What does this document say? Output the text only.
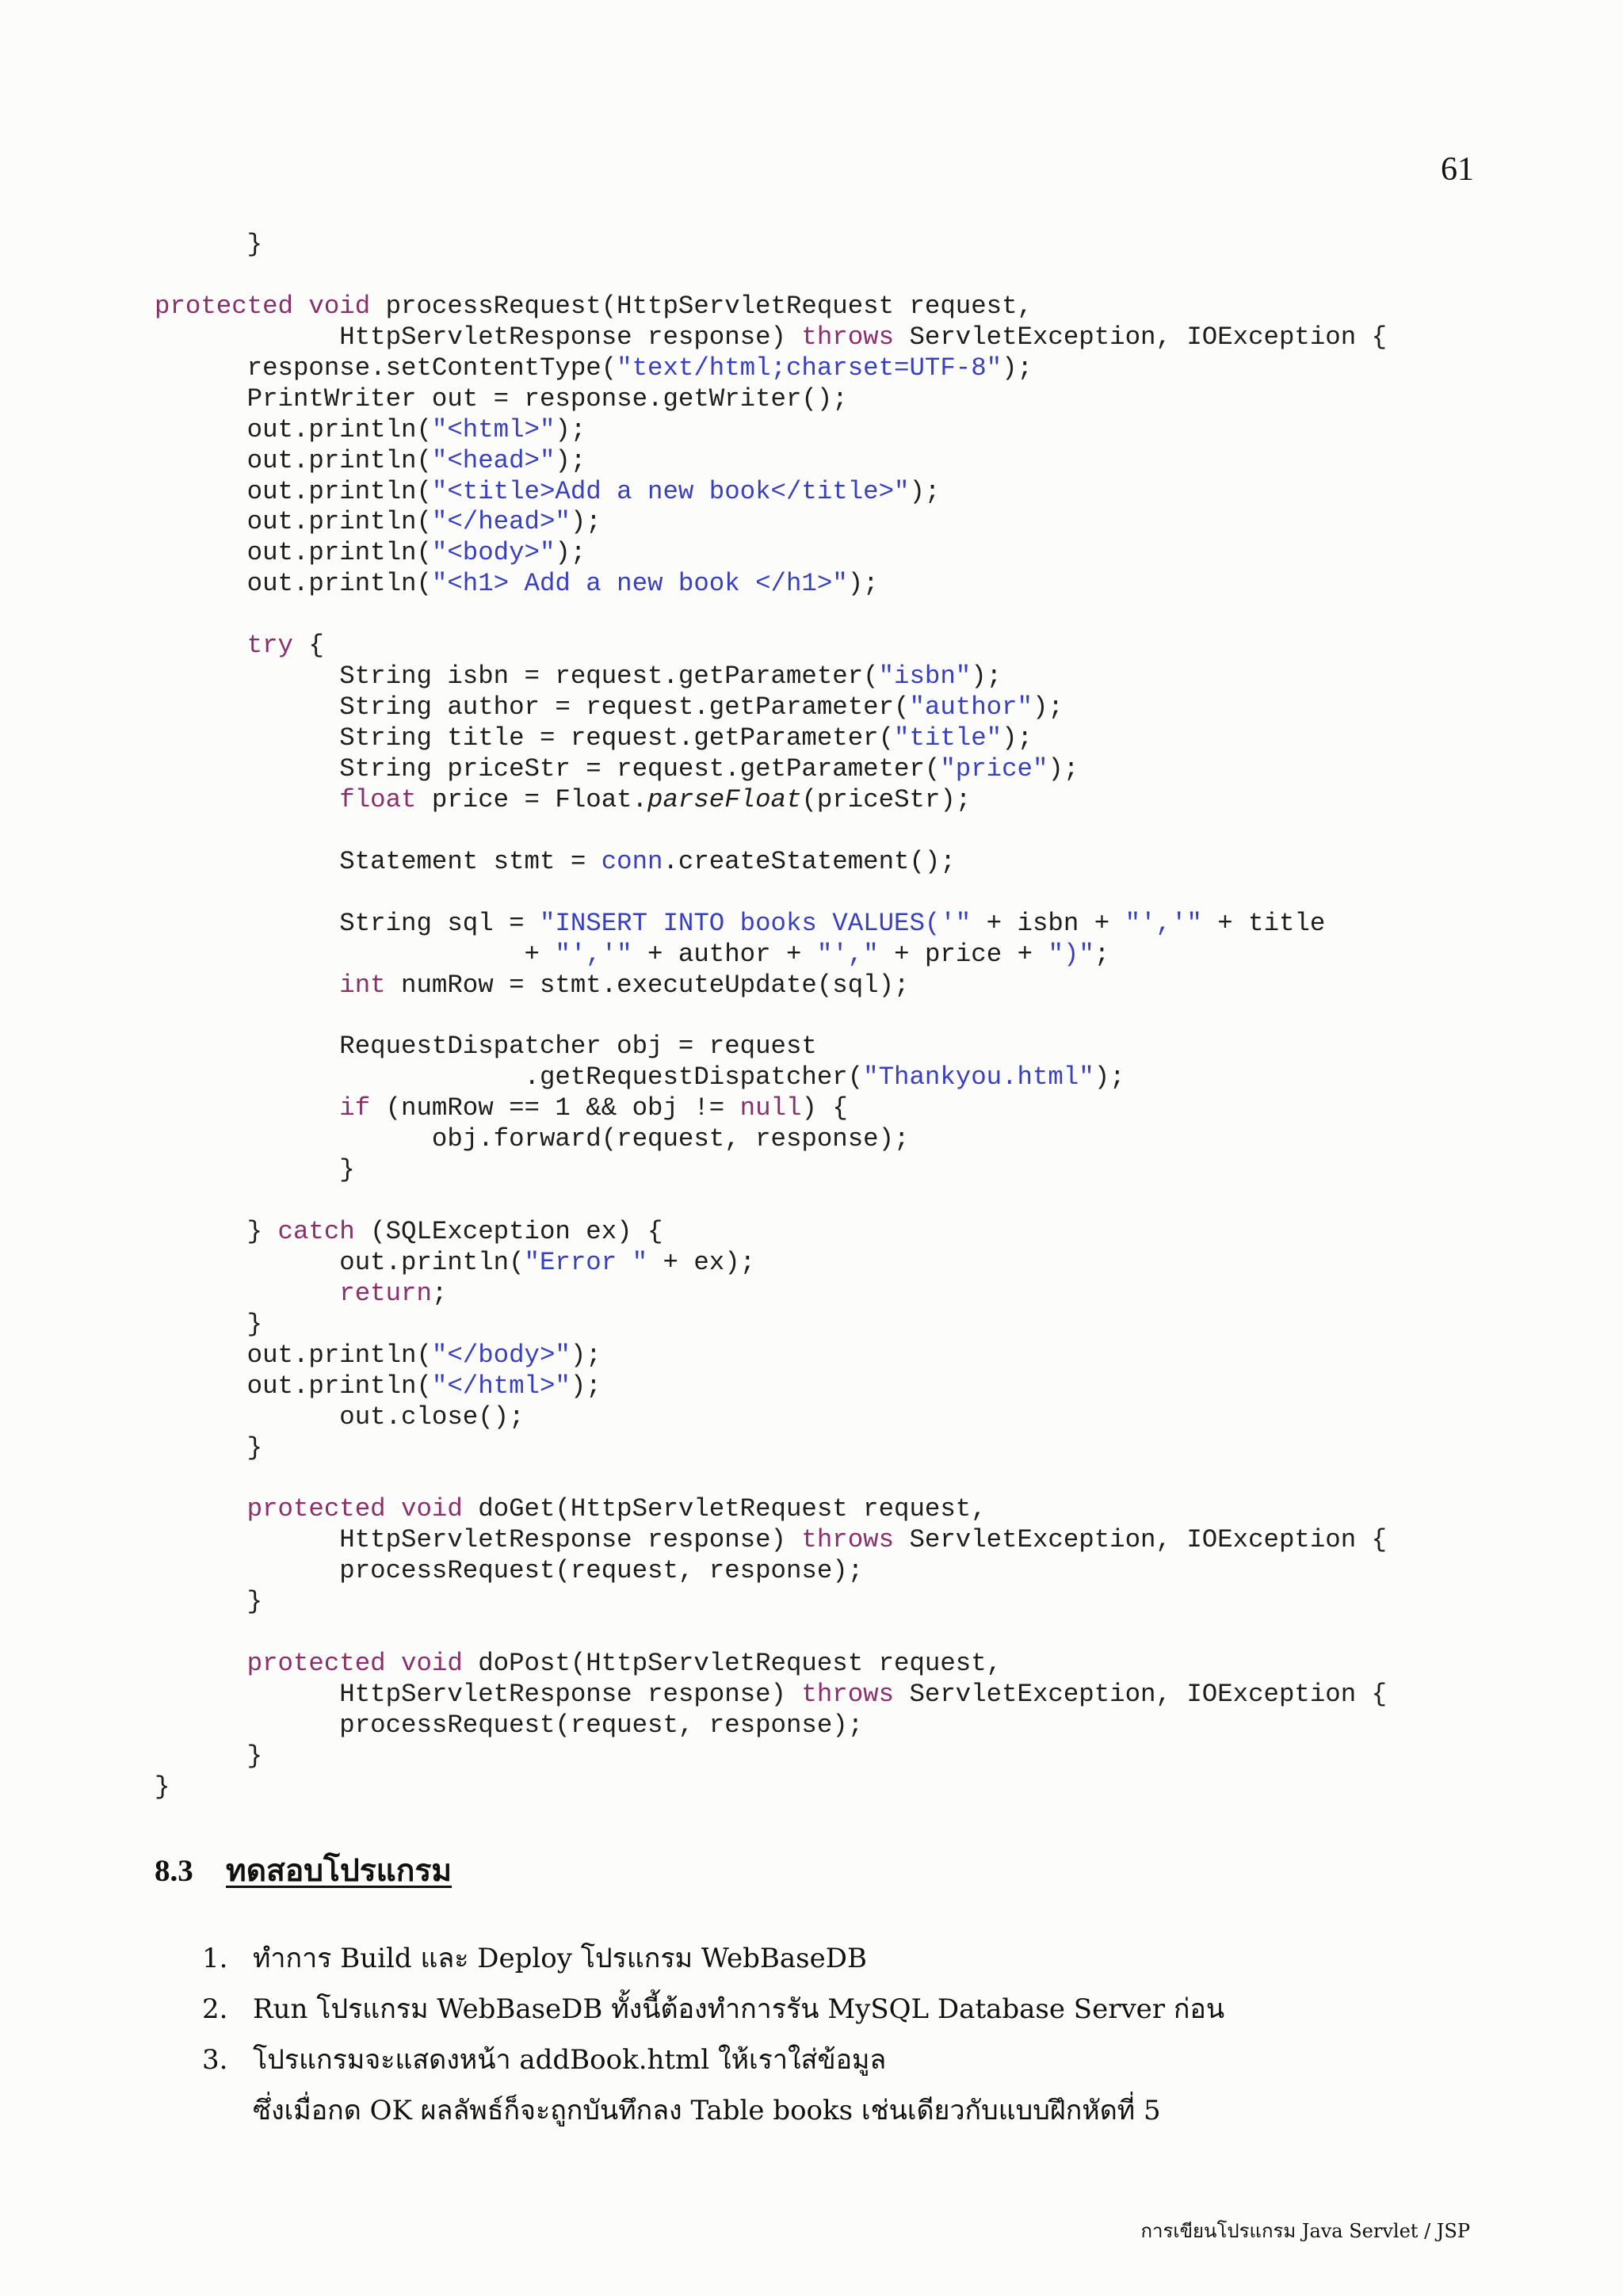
61
}
protected void processRequest(HttpServletRequest request,
HttpServletResponse response) throws ServletException, IOException {
response.setContentType("text/html;charset=UTF-8");
PrintWriter out = response.getWriter();
out.println("<html>");
out.println("<head>");
out.println("<title>Add a new book</title>");
out.println("</head>");
out.println("<body>");
out.println("<h1> Add a new book </h1>");
try {
String isbn = request.getParameter("isbn");
String author = request.getParameter("author");
String title = request.getParameter("title");
String priceStr = request.getParameter("price");
float price = Float.parseFloat(priceStr);
Statement stmt = conn.createStatement();
String sql = "INSERT INTO books VALUES('" + isbn + "','" + title
+ "','" + author + "'," + price + ")";
int numRow = stmt.executeUpdate(sql);
RequestDispatcher obj = request
.getRequestDispatcher("Thankyou.html");
if (numRow == 1 && obj != null) {
obj.forward(request, response);
}
} catch (SQLException ex) {
out.println("Error " + ex);
return;
}
out.println("</body>");
out.println("</html>");
out.close();
}
protected void doGet(HttpServletRequest request,
HttpServletResponse response) throws ServletException, IOException {
processRequest(request, response);
}
protected void doPost(HttpServletRequest request,
HttpServletResponse response) throws ServletException, IOException {
processRequest(request, response);
}
}
8.3 ทดสอบโปรแกรม
1. ทำการ Build และ Deploy โปรแกรม WebBaseDB
2. Run โปรแกรม WebBaseDB ทั้งนี้ต้องทำการรัน MySQL Database Server ก่อน
3. โปรแกรมจะแสดงหน้า addBook.html ให้เราใส่ข้อมูล
ซึ่งเมื่อกด OK ผลลัพธ์ก็จะถูกบันทึกลง Table books เช่นเดียวกับแบบฝึกหัดที่ 5
การเขียนโปรแกรม Java Servlet / JSP
